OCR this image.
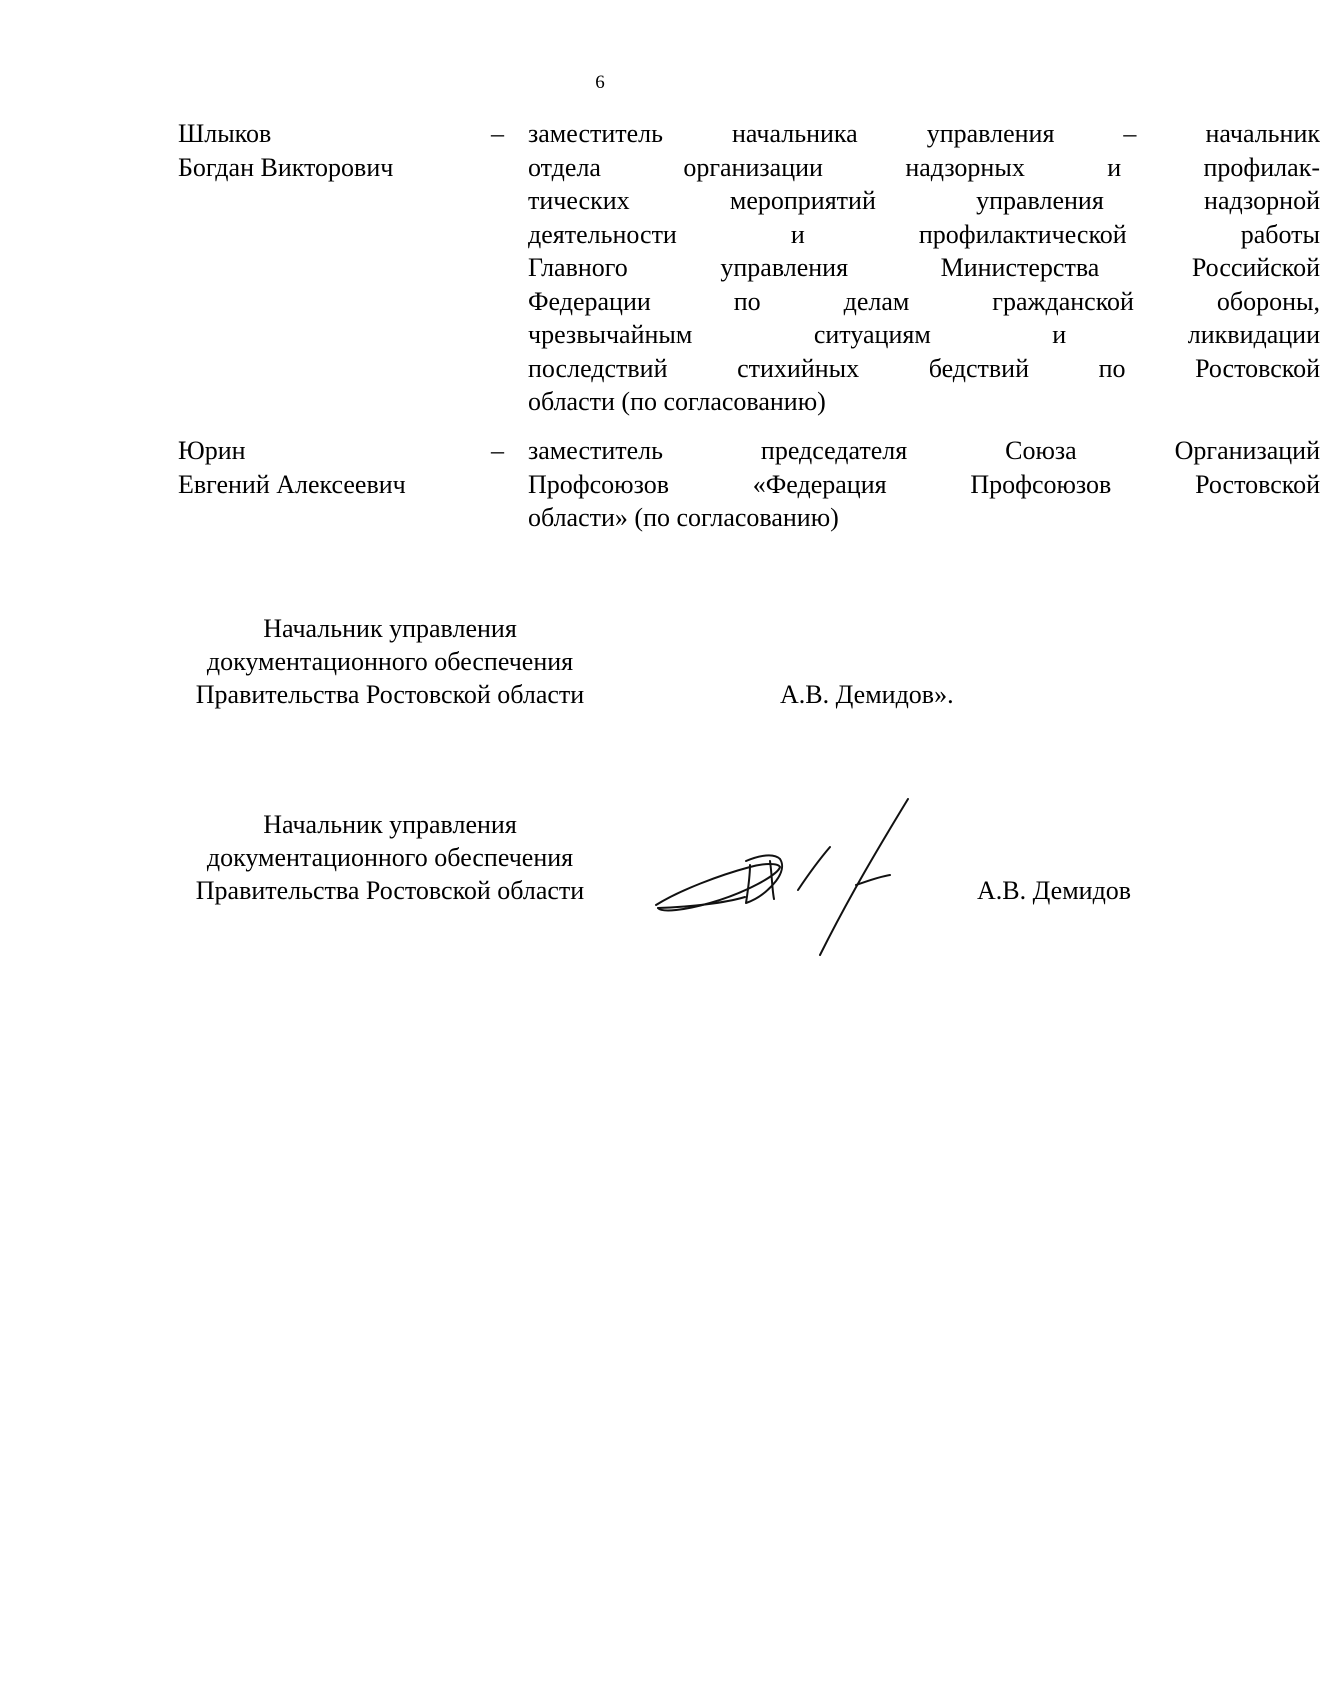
6
Шлыков
Богдан Викторович
– заместитель начальника управления – начальник
отдела организации надзорных и профилак-
тических мероприятий управления надзорной
деятельности и профилактической работы
Главного управления Министерства Российской
Федерации по делам гражданской обороны,
чрезвычайным ситуациям и ликвидации
последствий стихийных бедствий по Ростовской
области (по согласованию)
Юрин
Евгений Алексеевич
– заместитель председателя Союза Организаций
Профсоюзов «Федерация Профсоюзов Ростовской
области» (по согласованию)
Начальник управления
документационного обеспечения
Правительства Ростовской области	А.В. Демидов».
Начальник управления
документационного обеспечения
Правительства Ростовской области	А.В. Демидов
